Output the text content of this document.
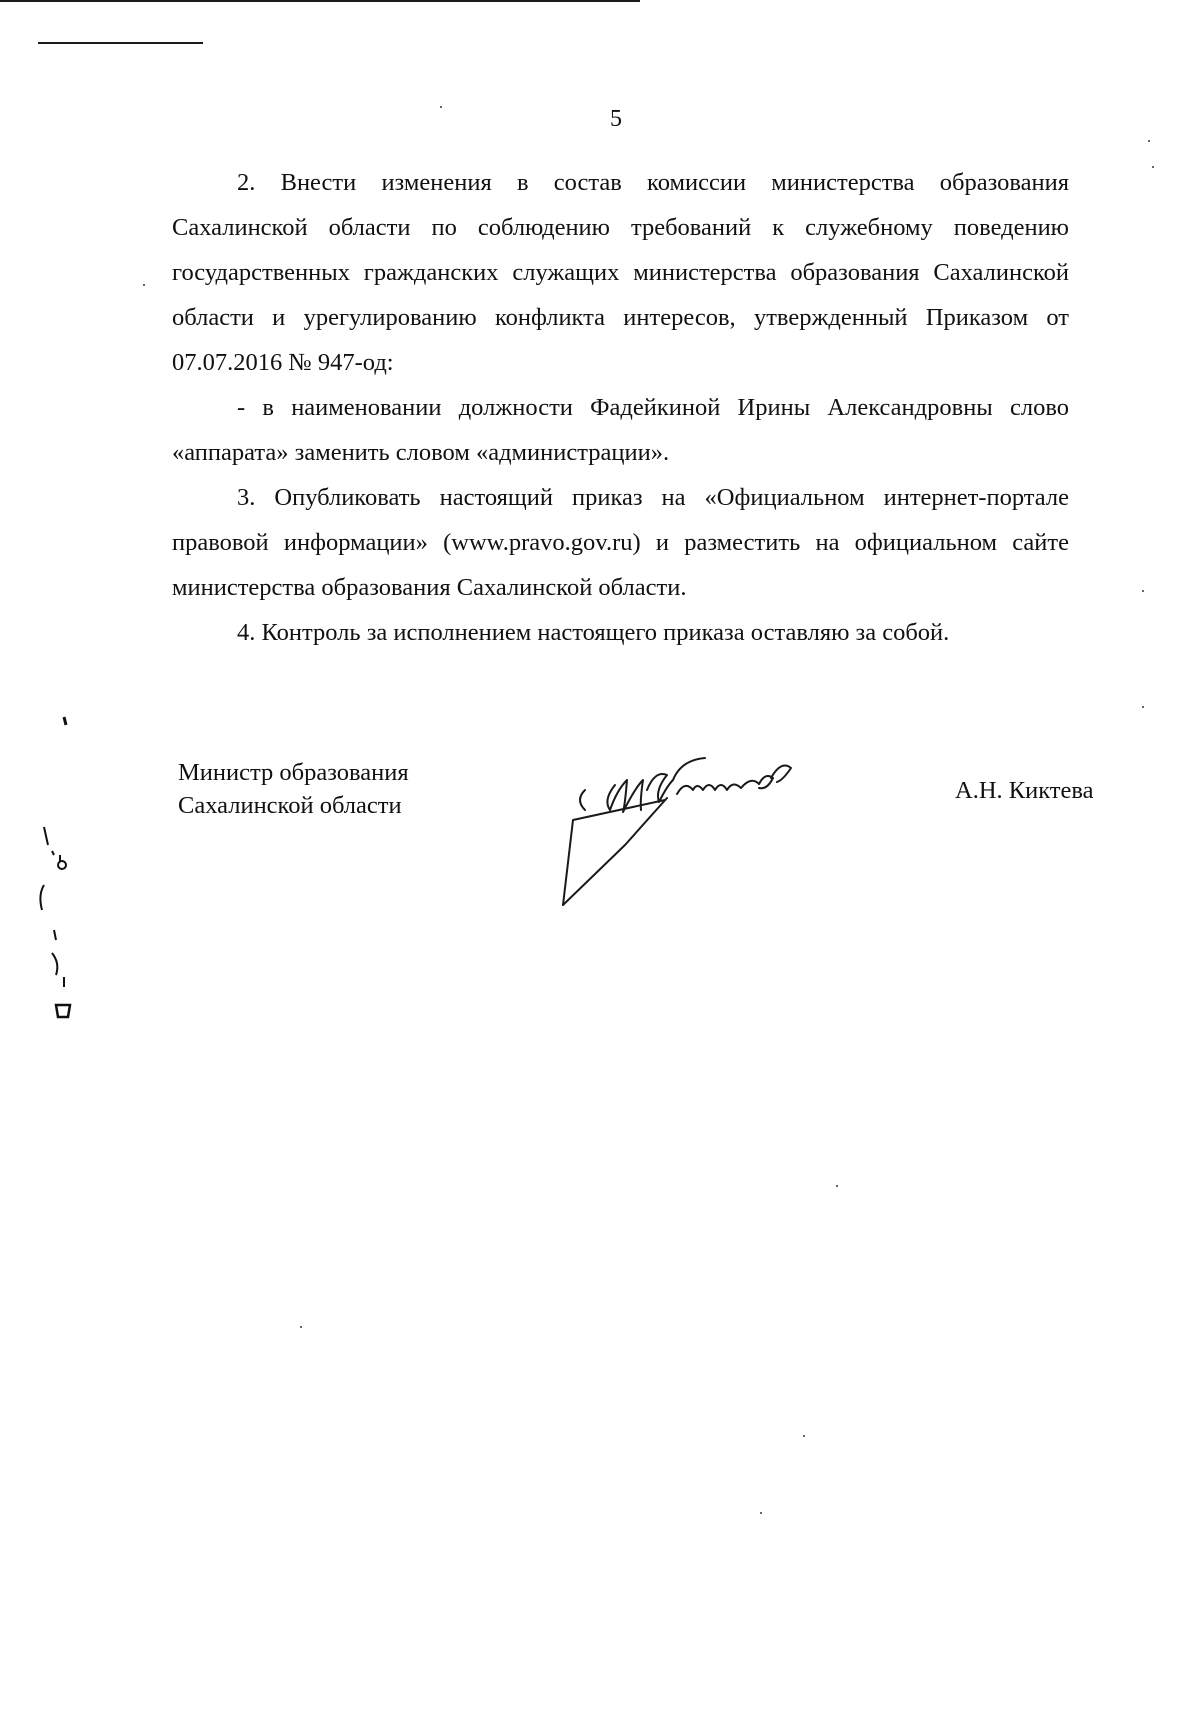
5

2. Внести изменения в состав комиссии министерства образования Сахалинской области по соблюдению требований к служебному поведению государственных гражданских служащих министерства образования Сахалинской области и урегулированию конфликта интересов, утвержденный Приказом от 07.07.2016 № 947-од:

- в наименовании должности Фадейкиной Ирины Александровны слово «аппарата» заменить словом «администрации».

3. Опубликовать настоящий приказ на «Официальном интернет-портале правовой информации» (www.pravo.gov.ru) и разместить на официальном сайте министерства образования Сахалинской области.

4. Контроль за исполнением настоящего приказа оставляю за собой.

Министр образования
Сахалинской области
А.Н. Киктева
